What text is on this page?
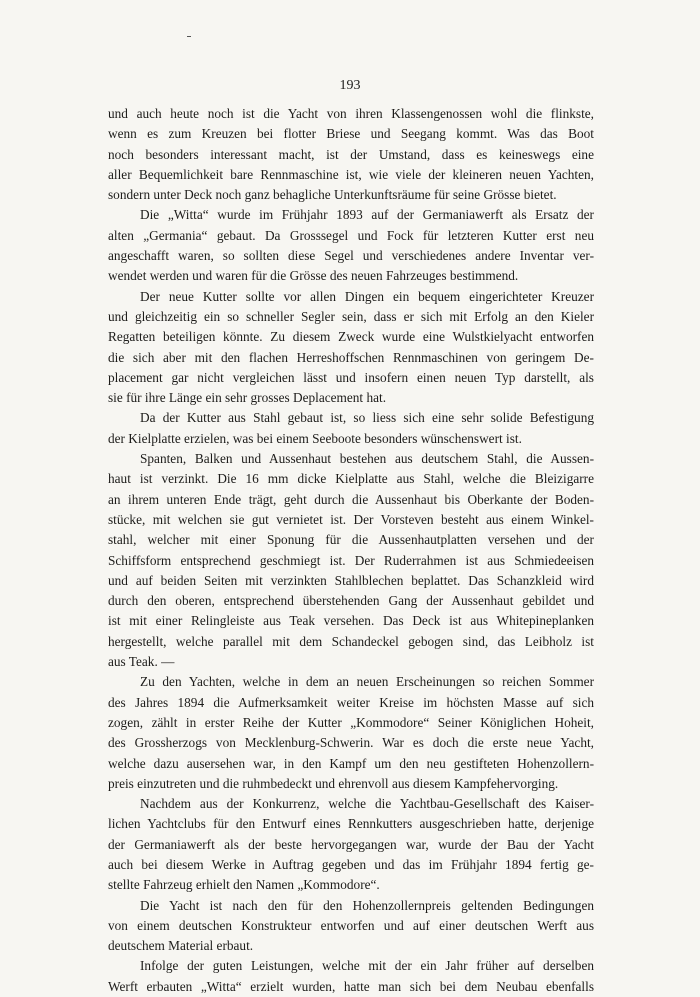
193
und auch heute noch ist die Yacht von ihren Klassengenossen wohl die flinkste,
wenn es zum Kreuzen bei flotter Briese und Seegang kommt. Was das Boot
noch besonders interessant macht, ist der Umstand, dass es keineswegs eine
aller Bequemlichkeit bare Rennmaschine ist, wie viele der kleineren neuen Yachten,
sondern unter Deck noch ganz behagliche Unterkunftsräume für seine Grösse bietet.
Die „Witta“ wurde im Frühjahr 1893 auf der Germaniawerft als Ersatz der
alten „Germania“ gebaut. Da Grosssegel und Fock für letzteren Kutter erst neu
angeschafft waren, so sollten diese Segel und verschiedenes andere Inventar ver-
wendet werden und waren für die Grösse des neuen Fahrzeuges bestimmend.
Der neue Kutter sollte vor allen Dingen ein bequem eingerichteter Kreuzer
und gleichzeitig ein so schneller Segler sein, dass er sich mit Erfolg an den Kieler
Regatten beteiligen könnte. Zu diesem Zweck wurde eine Wulstkielyacht entworfen
die sich aber mit den flachen Herreshoffschen Rennmaschinen von geringem De-
placement gar nicht vergleichen lässt und insofern einen neuen Typ darstellt, als
sie für ihre Länge ein sehr grosses Deplacement hat.
Da der Kutter aus Stahl gebaut ist, so liess sich eine sehr solide Befestigung
der Kielplatte erzielen, was bei einem Seeboote besonders wünschenswert ist.
Spanten, Balken und Aussenhaut bestehen aus deutschem Stahl, die Aussen-
haut ist verzinkt. Die 16 mm dicke Kielplatte aus Stahl, welche die Bleizigarre
an ihrem unteren Ende trägt, geht durch die Aussenhaut bis Oberkante der Boden-
stücke, mit welchen sie gut vernietet ist. Der Vorsteven besteht aus einem Winkel-
stahl, welcher mit einer Sponung für die Aussenhautplatten versehen und der
Schiffsform entsprechend geschmiegt ist. Der Ruderrahmen ist aus Schmiedeeisen
und auf beiden Seiten mit verzinkten Stahlblechen beplattet. Das Schanzkleid wird
durch den oberen, entsprechend überstehenden Gang der Aussenhaut gebildet und
ist mit einer Relingleiste aus Teak versehen. Das Deck ist aus Whitepineplanken
hergestellt, welche parallel mit dem Schandeckel gebogen sind, das Leibholz ist
aus Teak. —
Zu den Yachten, welche in dem an neuen Erscheinungen so reichen Sommer
des Jahres 1894 die Aufmerksamkeit weiter Kreise im höchsten Masse auf sich
zogen, zählt in erster Reihe der Kutter „Kommodore“ Seiner Königlichen Hoheit,
des Grossherzogs von Mecklenburg-Schwerin. War es doch die erste neue Yacht,
welche dazu ausersehen war, in den Kampf um den neu gestifteten Hohenzollern-
preis einzutreten und die ruhmbedeckt und ehrenvoll aus diesem Kampfehervorging.
Nachdem aus der Konkurrenz, welche die Yachtbau-Gesellschaft des Kaiser-
lichen Yachtclubs für den Entwurf eines Rennkutters ausgeschrieben hatte, derjenige
der Germaniawerft als der beste hervorgegangen war, wurde der Bau der Yacht
auch bei diesem Werke in Auftrag gegeben und das im Frühjahr 1894 fertig ge-
stellte Fahrzeug erhielt den Namen „Kommodore“.
Die Yacht ist nach den für den Hohenzollernpreis geltenden Bedingungen
von einem deutschen Konstrukteur entworfen und auf einer deutschen Werft aus
deutschem Material erbaut.
Infolge der guten Leistungen, welche mit der ein Jahr früher auf derselben
Werft erbauten „Witta“ erzielt wurden, hatte man sich bei dem Neubau ebenfalls
